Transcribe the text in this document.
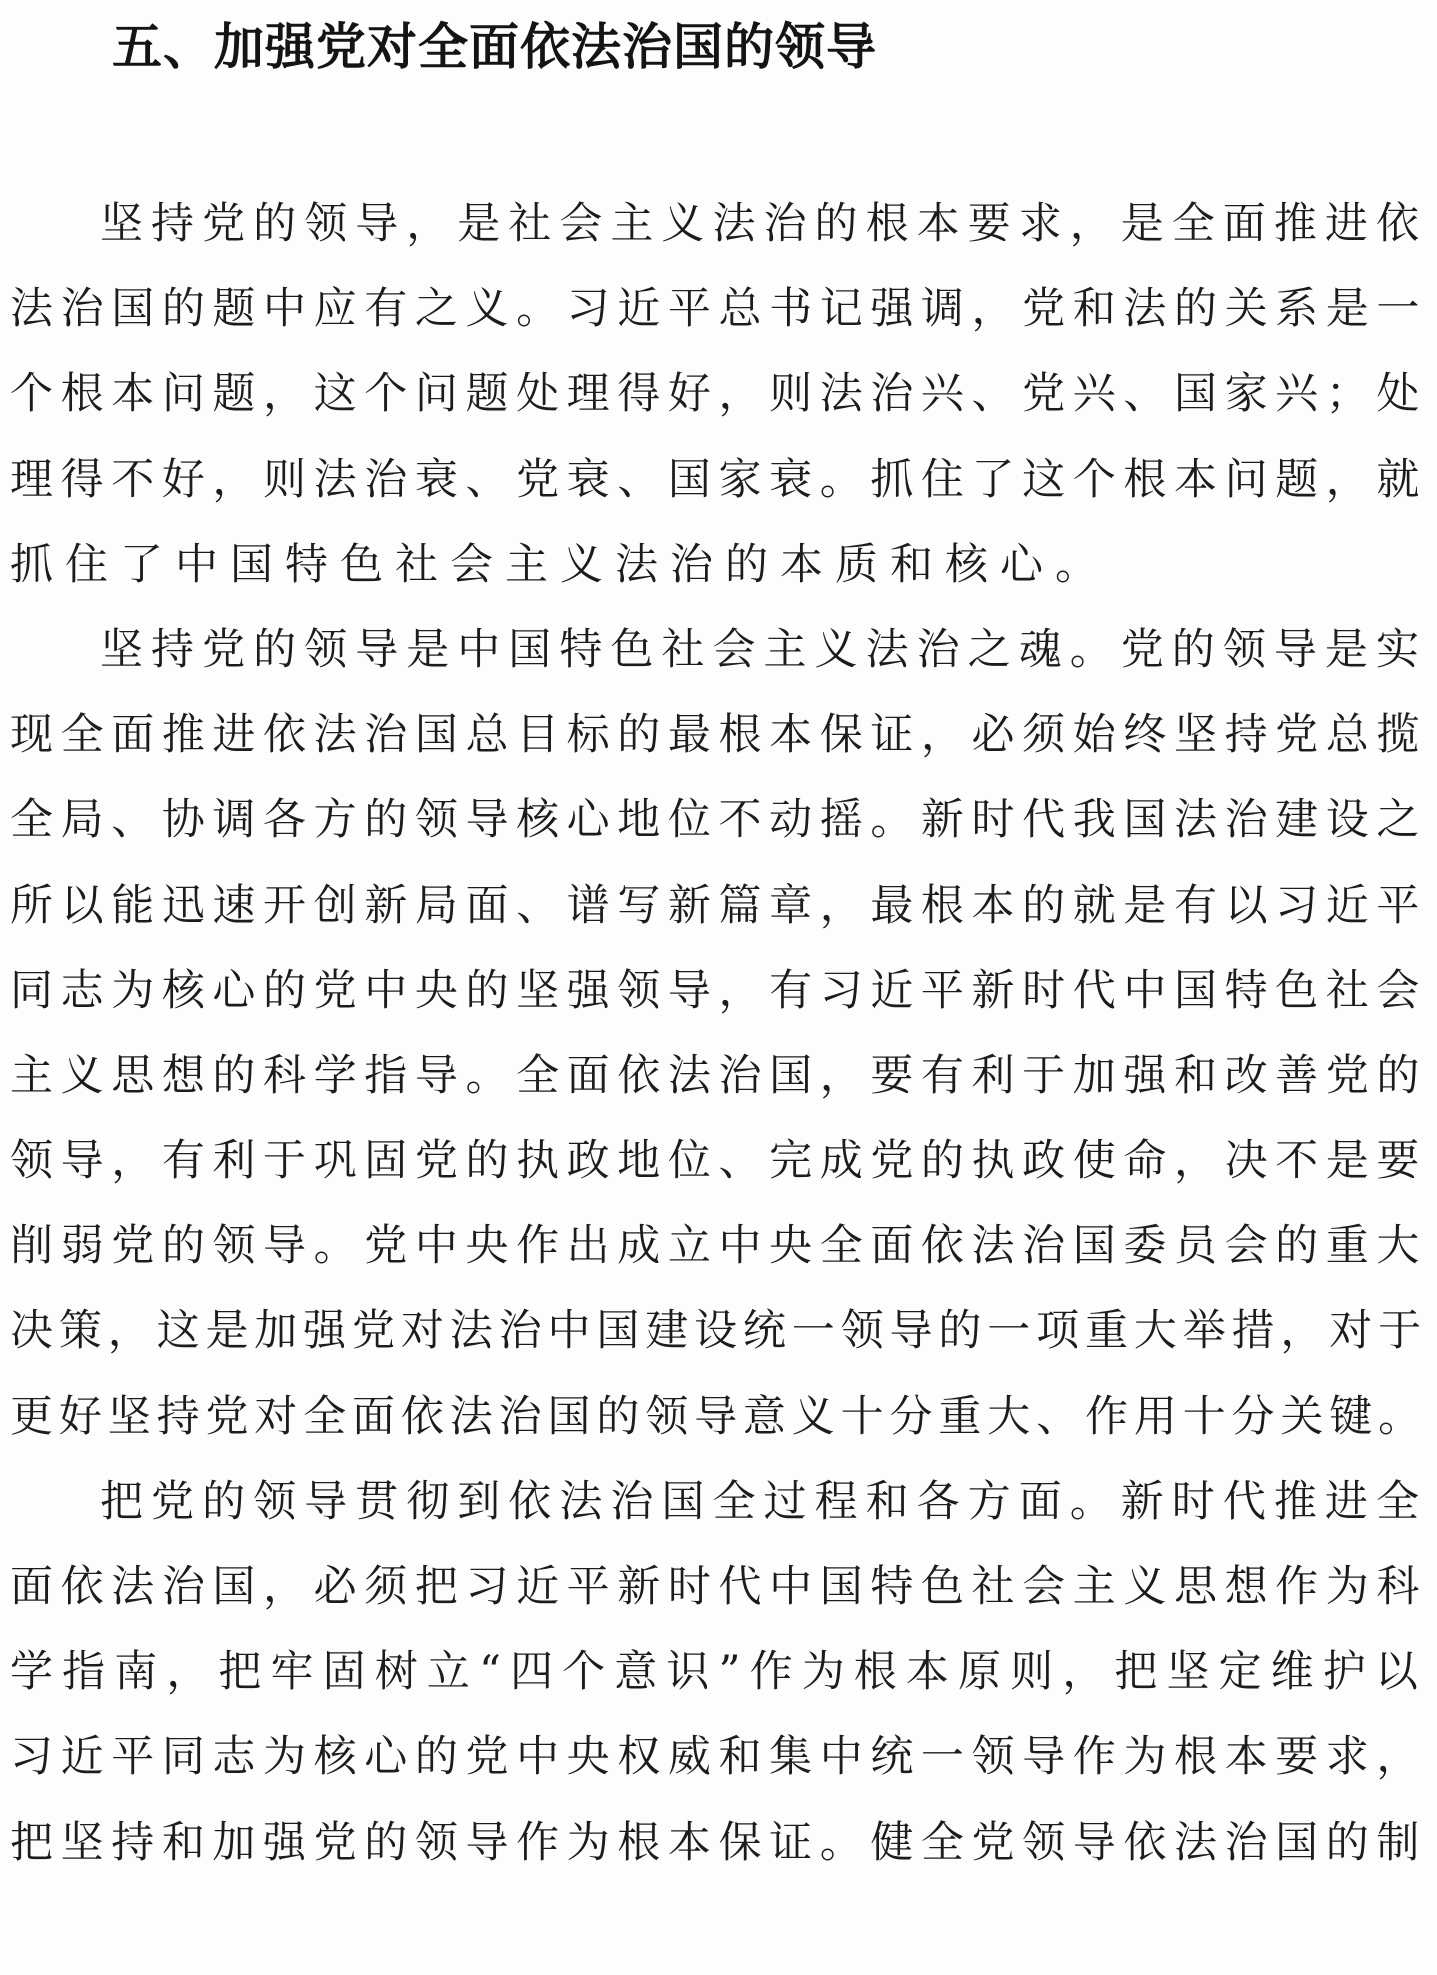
五、加强党对全面依法治国的领导
坚持党的领导，是社会主义法治的根本要求，是全面推进依
法治国的题中应有之义。习近平总书记强调，党和法的关系是一
个根本问题，这个问题处理得好，则法治兴、党兴、国家兴；处
理得不好，则法治衰、党衰、国家衰。抓住了这个根本问题，就
抓住了中国特色社会主义法治的本质和核心。
坚持党的领导是中国特色社会主义法治之魂。党的领导是实
现全面推进依法治国总目标的最根本保证，必须始终坚持党总揽
全局、协调各方的领导核心地位不动摇。新时代我国法治建设之
所以能迅速开创新局面、谱写新篇章，最根本的就是有以习近平
同志为核心的党中央的坚强领导，有习近平新时代中国特色社会
主义思想的科学指导。全面依法治国，要有利于加强和改善党的
领导，有利于巩固党的执政地位、完成党的执政使命，决不是要
削弱党的领导。党中央作出成立中央全面依法治国委员会的重大
决策，这是加强党对法治中国建设统一领导的一项重大举措，对于
更好坚持党对全面依法治国的领导意义十分重大、作用十分关键。
把党的领导贯彻到依法治国全过程和各方面。新时代推进全
面依法治国，必须把习近平新时代中国特色社会主义思想作为科
学指南，把牢固树立“四个意识”作为根本原则，把坚定维护以
习近平同志为核心的党中央权威和集中统一领导作为根本要求，
把坚持和加强党的领导作为根本保证。健全党领导依法治国的制
